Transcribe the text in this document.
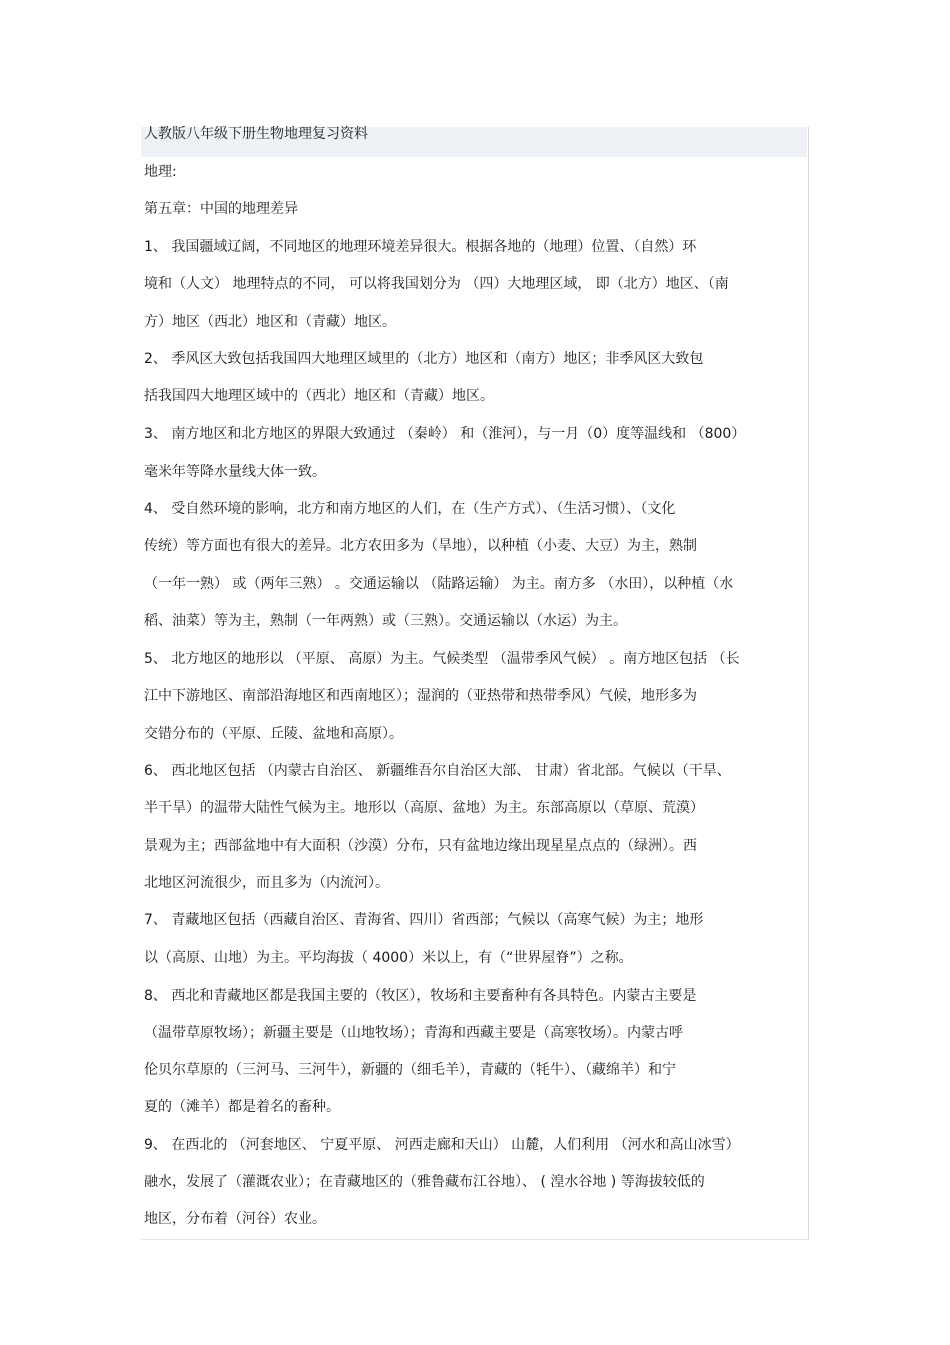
人教版八年级下册生物地理复习资料
地理:
第五章：中国的地理差异
1、 我国疆域辽阔，不同地区的地理环境差异很大。根据各地的（地理）位置、（自然）环
境和（人文） 地理特点的不同， 可以将我国划分为 （四）大地理区域， 即（北方）地区、（南
方）地区（西北）地区和（青藏）地区。
2、 季风区大致包括我国四大地理区域里的（北方）地区和（南方）地区；非季风区大致包
括我国四大地理区域中的（西北）地区和（青藏）地区。
3、 南方地区和北方地区的界限大致通过 （秦岭） 和（淮河），与一月（0）度等温线和 （800）
毫米年等降水量线大体一致。
4、 受自然环境的影响，北方和南方地区的人们，在（生产方式）、（生活习惯）、（文化
传统）等方面也有很大的差异。北方农田多为（旱地），以种植（小麦、大豆）为主，熟制
（一年一熟） 或（两年三熟） 。交通运输以 （陆路运输） 为主。南方多 （水田），以种植（水
稻、油菜）等为主，熟制（一年两熟）或（三熟）。交通运输以（水运）为主。
5、 北方地区的地形以 （平原、 高原）为主。气候类型 （温带季风气候） 。南方地区包括 （长
江中下游地区、南部沿海地区和西南地区）；湿润的（亚热带和热带季风）气候，地形多为
交错分布的（平原、丘陵、盆地和高原）。
6、 西北地区包括 （内蒙古自治区、 新疆维吾尔自治区大部、 甘肃）省北部。气候以（干旱、
半干旱）的温带大陆性气候为主。地形以（高原、盆地）为主。东部高原以（草原、荒漠）
景观为主；西部盆地中有大面积（沙漠）分布，只有盆地边缘出现星星点点的（绿洲）。西
北地区河流很少，而且多为（内流河）。
7、 青藏地区包括（西藏自治区、青海省、四川）省西部；气候以（高寒气候）为主；地形
以（高原、山地）为主。平均海拔（ 4000）米以上，有（“世界屋脊”）之称。
8、 西北和青藏地区都是我国主要的（牧区），牧场和主要畜种有各具特色。内蒙古主要是
（温带草原牧场）；新疆主要是（山地牧场）；青海和西藏主要是（高寒牧场）。内蒙古呼
伦贝尔草原的（三河马、三河牛），新疆的（细毛羊），青藏的（牦牛）、（藏绵羊）和宁
夏的（滩羊）都是着名的畜种。
9、 在西北的 （河套地区、 宁夏平原、 河西走廊和天山） 山麓，人们利用 （河水和高山冰雪）
融水，发展了（灌溉农业）；在青藏地区的（雅鲁藏布江谷地）、 ( 湟水谷地 ) 等海拔较低的
地区，分布着（河谷）农业。
